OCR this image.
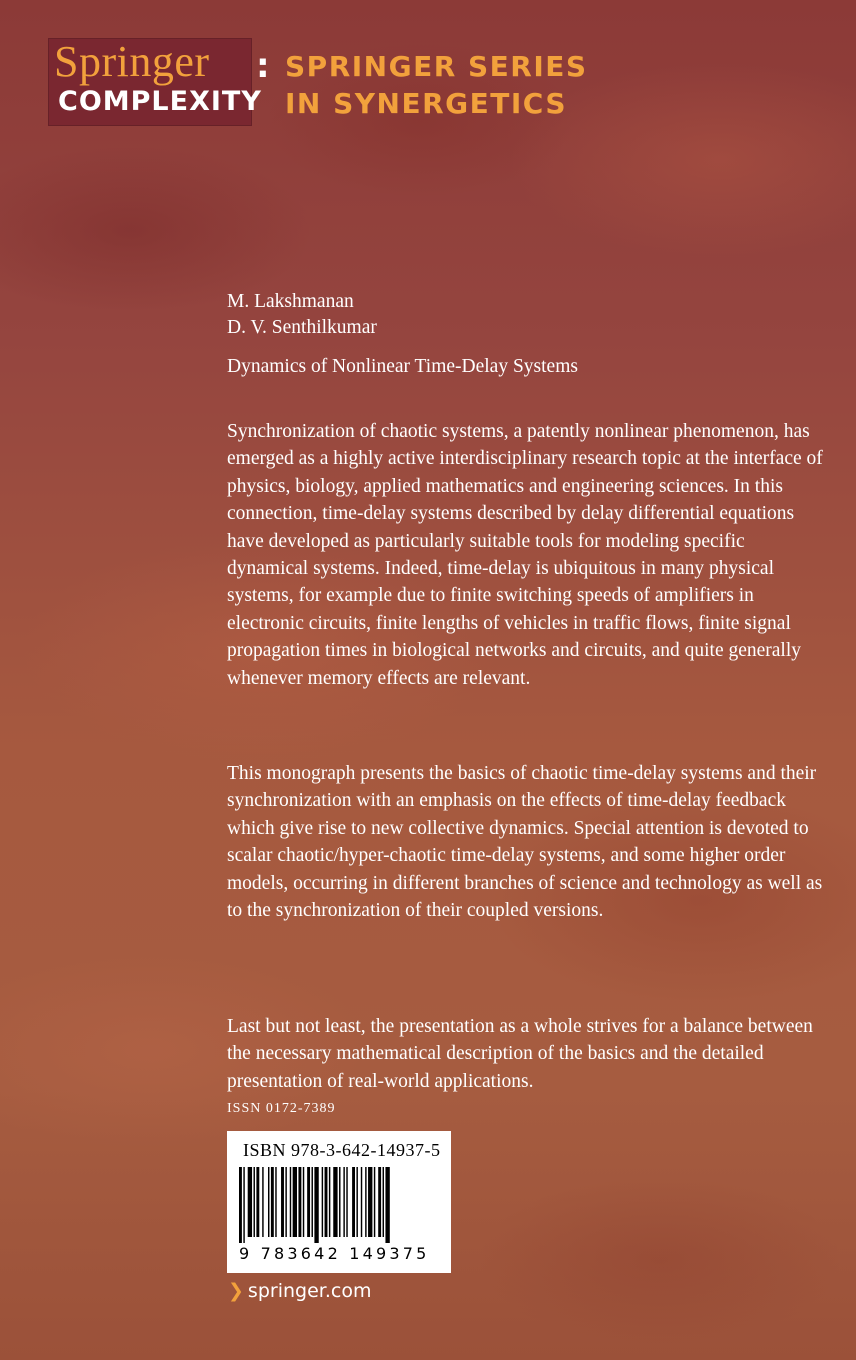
Springer
COMPLEXITY
: SPRINGER SERIES
IN SYNERGETICS
M. Lakshmanan
D. V. Senthilkumar
Dynamics of Nonlinear Time-Delay Systems

Synchronization of chaotic systems, a patently nonlinear phenomenon, has emerged as a highly active interdisciplinary research topic at the interface of physics, biology, applied mathematics and engineering sciences. In this connection, time-delay systems described by delay differential equations have developed as particularly suitable tools for modeling specific dynamical systems. Indeed, time-delay is ubiquitous in many physical systems, for example due to finite switching speeds of amplifiers in electronic circuits, finite lengths of vehicles in traffic flows, finite signal propagation times in biological networks and circuits, and quite generally whenever memory effects are relevant.

This monograph presents the basics of chaotic time-delay systems and their synchronization with an emphasis on the effects of time-delay feedback which give rise to new collective dynamics. Special attention is devoted to scalar chaotic/hyper-chaotic time-delay systems, and some higher order models, occurring in different branches of science and technology as well as to the synchronization of their coupled versions.

Last but not least, the presentation as a whole strives for a balance between the necessary mathematical description of the basics and the detailed presentation of real-world applications.

ISSN 0172-7389
ISBN 978-3-642-14937-5
9 783642 149375
❯ springer.com
